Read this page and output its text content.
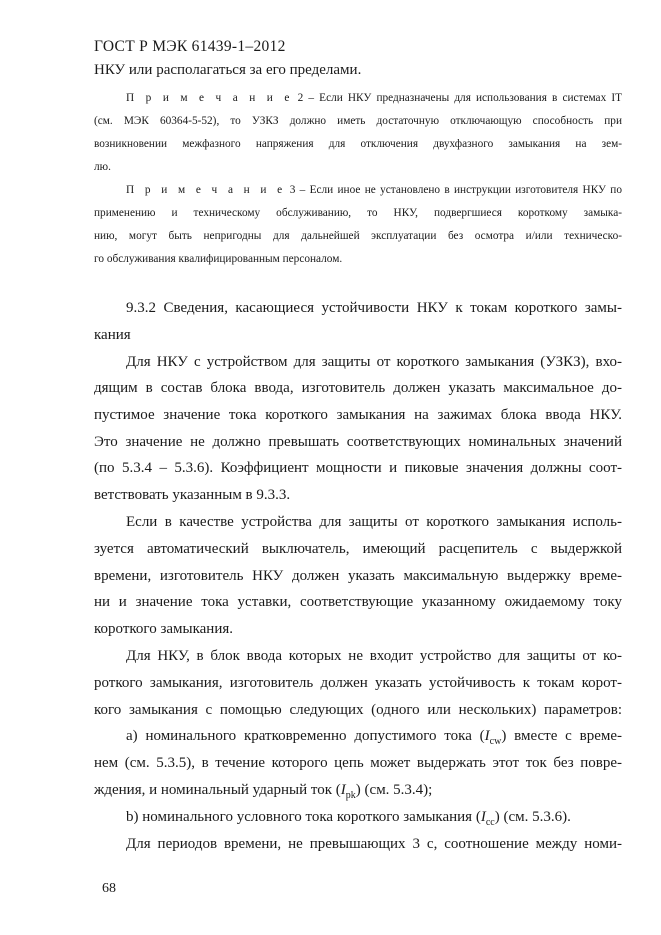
ГОСТ Р МЭК 61439-1–2012
НКУ или располагаться за его пределами.
П р и м е ч а н и е 2 – Если НКУ предназначены для использования в системах IT
(см. МЭК 60364-5-52), то УЗКЗ должно иметь достаточную отключающую способность при
возникновении межфазного напряжения для отключения двухфазного замыкания на зем-
лю.
П р и м е ч а н и е 3 – Если иное не установлено в инструкции изготовителя НКУ по
применению и техническому обслуживанию, то НКУ, подвергшиеся короткому замыка-
нию, могут быть непригодны для дальнейшей эксплуатации без осмотра и/или техническо-
го обслуживания квалифицированным персоналом.
9.3.2 Сведения, касающиеся устойчивости НКУ к токам короткого замы-
кания
Для НКУ с устройством для защиты от короткого замыкания (УЗКЗ), вхо-
дящим в состав блока ввода, изготовитель должен указать максимальное до-
пустимое значение тока короткого замыкания на зажимах блока ввода НКУ.
Это значение не должно превышать соответствующих номинальных значений
(по 5.3.4 – 5.3.6). Коэффициент мощности и пиковые значения должны соот-
ветствовать указанным в 9.3.3.
Если в качестве устройства для защиты от короткого замыкания исполь-
зуется автоматический выключатель, имеющий расцепитель с выдержкой
времени, изготовитель НКУ должен указать максимальную выдержку време-
ни и значение тока уставки, соответствующие указанному ожидаемому току
короткого замыкания.
Для НКУ, в блок ввода которых не входит устройство для защиты от ко-
роткого замыкания, изготовитель должен указать устойчивость к токам корот-
кого замыкания с помощью следующих (одного или нескольких) параметров:
a) номинального кратковременно допустимого тока $(I_{cw})$ вместе с време-
нем (см. 5.3.5), в течение которого цепь может выдержать этот ток без повре-
ждения, и номинальный ударный ток $(I_{pk})$ (см. 5.3.4);
b) номинального условного тока короткого замыкания $(I_{cc})$ (см. 5.3.6).
Для периодов времени, не превышающих 3 с, соотношение между номи-
68
